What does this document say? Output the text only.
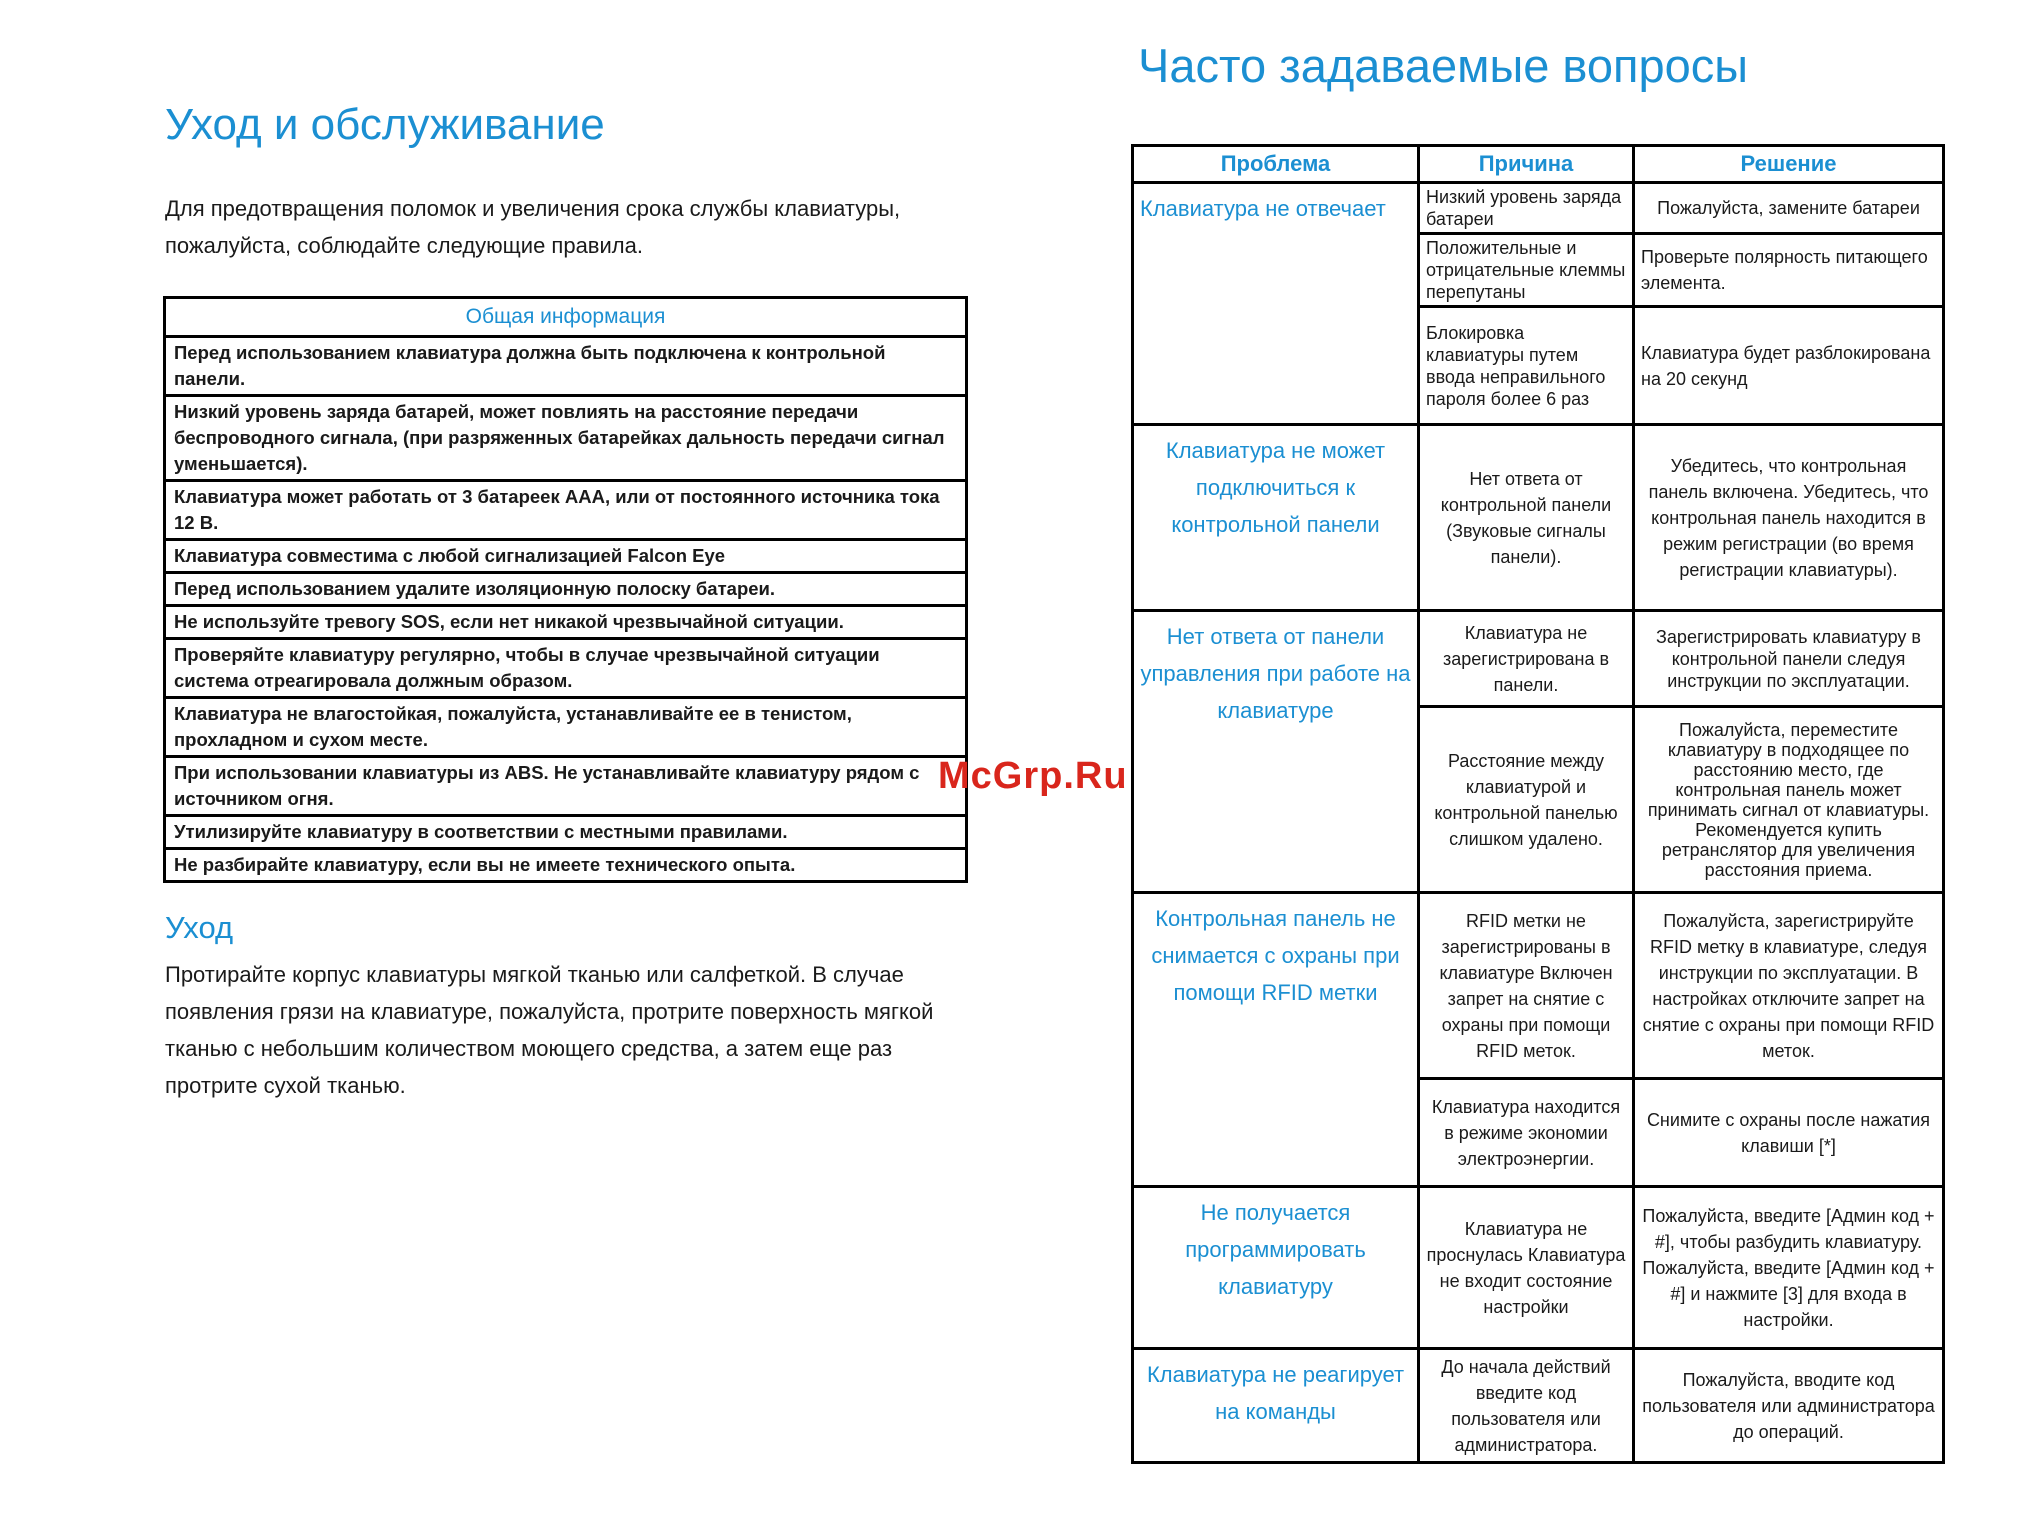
Уход и обслуживание

Для предотвращения поломок и увеличения срока службы клавиатуры, пожалуйста, соблюдайте следующие правила.

Общая информация
Перед использованием клавиатура должна быть подключена к контрольной панели.
Низкий уровень заряда батарей, может повлиять на расстояние передачи беспроводного сигнала, (при разряженных батарейках дальность передачи сигнал уменьшается).
Клавиатура может работать от 3 батареек AAA, или от постоянного источника тока 12 В.
Клавиатура совместима с любой сигнализацией Falcon Eye
Перед использованием удалите изоляционную полоску батареи.
Не используйте тревогу SOS, если нет никакой чрезвычайной ситуации.
Проверяйте клавиатуру регулярно, чтобы в случае чрезвычайной ситуации система отреагировала должным образом.
Клавиатура не влагостойкая, пожалуйста, устанавливайте ее в тенистом, прохладном и сухом месте.
При использовании клавиатуры из ABS. Не устанавливайте клавиатуру рядом с источником огня.
Утилизируйте клавиатуру в соответствии с местными правилами.
Не разбирайте клавиатуру, если вы не имеете технического опыта.
Уход

Протирайте корпус клавиатуры мягкой тканью или салфеткой. В случае появления грязи на клавиатуре, пожалуйста, протрите поверхность мягкой тканью с небольшим количеством моющего средства, а затем еще раз протрите сухой тканью.

Часто задаваемые вопросы
Проблема	Причина	Решение
Клавиатура не отвечает	Низкий уровень заряда батареи	Пожалуйста, замените батареи
	Положительные и отрицательные клеммы перепутаны	Проверьте полярность питающего элемента.
	Блокировка клавиатуры путем ввода неправильного пароля более 6 раз	Клавиатура будет разблокирована на 20 секунд
Клавиатура не может подключиться к контрольной панели	Нет ответа от контрольной панели (Звуковые сигналы панели).	Убедитесь, что контрольная панель включена. Убедитесь, что контрольная панель находится в режим регистрации (во время регистрации клавиатуры).
Нет ответа от панели управления при работе на клавиатуре	Клавиатура не зарегистрирована в панели.	Зарегистрировать клавиатуру в контрольной панели следуя инструкции по эксплуатации.
	Расстояние между клавиатурой и контрольной панелью слишком удалено.	Пожалуйста, переместите клавиатуру в подходящее по расстоянию место, где контрольная панель может принимать сигнал от клавиатуры. Рекомендуется купить ретранслятор для увеличения расстояния приема.
Контрольная панель не снимается с охраны при помощи RFID метки	RFID метки не зарегистрированы в клавиатуре Включен запрет на снятие с охраны при помощи RFID меток.	Пожалуйста, зарегистрируйте RFID метку в клавиатуре, следуя инструкции по эксплуатации. В настройках отключите запрет на снятие с охраны при помощи RFID меток.
	Клавиатура находится в режиме экономии электроэнергии.	Снимите с охраны после нажатия клавиши [*]
Не получается программировать клавиатуру	Клавиатура не проснулась Клавиатура не входит состояние настройки	Пожалуйста, введите [Админ код + #], чтобы разбудить клавиатуру. Пожалуйста, введите [Админ код + #] и нажмите [3] для входа в настройки.
Клавиатура не реагирует на команды	До начала действий введите код пользователя или администратора.	Пожалуйста, вводите код пользователя или администратора до операций.
McGrp.Ru
